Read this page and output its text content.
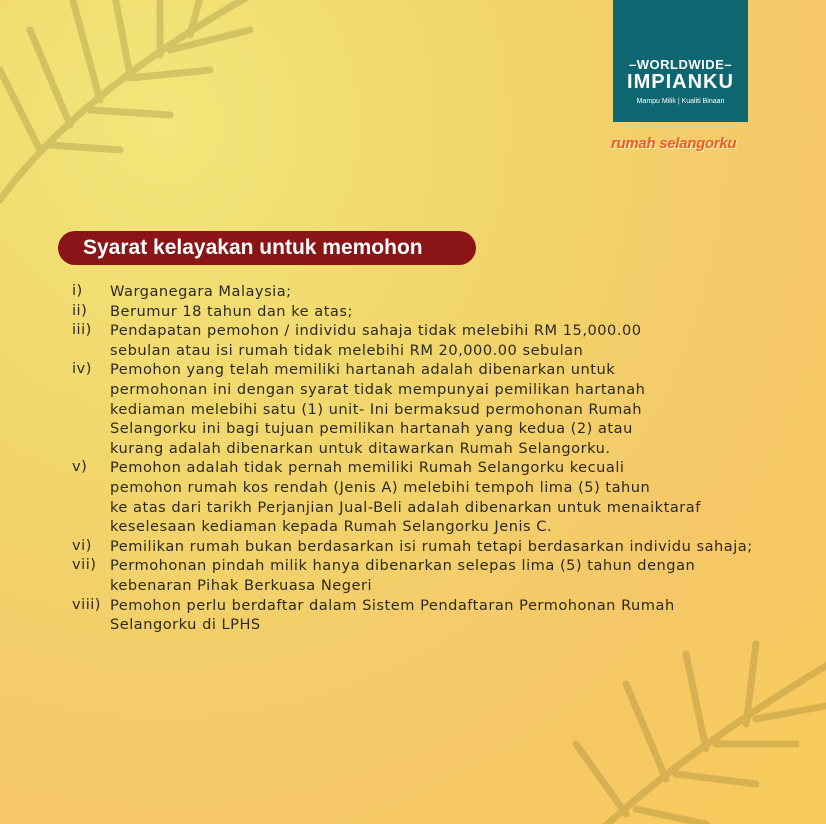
–WORLDWIDE–
IMPIANKU
Mampu Milik | Kualiti Binaan
rumah selangorku
Syarat kelayakan untuk memohon
i)	Warganegara Malaysia;
ii)	Berumur 18 tahun dan ke atas;
iii)	Pendapatan pemohon / individu sahaja tidak melebihi RM 15,000.00
sebulan atau isi rumah tidak melebihi RM 20,000.00 sebulan
iv)	Pemohon yang telah memiliki hartanah adalah dibenarkan untuk
permohonan ini dengan syarat tidak mempunyai pemilikan hartanah
kediaman melebihi satu (1) unit- Ini bermaksud permohonan Rumah
Selangorku ini bagi tujuan pemilikan hartanah yang kedua (2) atau
kurang adalah dibenarkan untuk ditawarkan Rumah Selangorku.
v)	Pemohon adalah tidak pernah memiliki Rumah Selangorku kecuali
pemohon rumah kos rendah (Jenis A) melebihi tempoh lima (5) tahun
ke atas dari tarikh Perjanjian Jual-Beli adalah dibenarkan untuk menaiktaraf
keselesaan kediaman kepada Rumah Selangorku Jenis C.
vi)	Pemilikan rumah bukan berdasarkan isi rumah tetapi berdasarkan individu sahaja;
vii) Permohonan pindah milik hanya dibenarkan selepas lima (5) tahun dengan
kebenaran Pihak Berkuasa Negeri
viii) Pemohon perlu berdaftar dalam Sistem Pendaftaran Permohonan Rumah
Selangorku di LPHS
